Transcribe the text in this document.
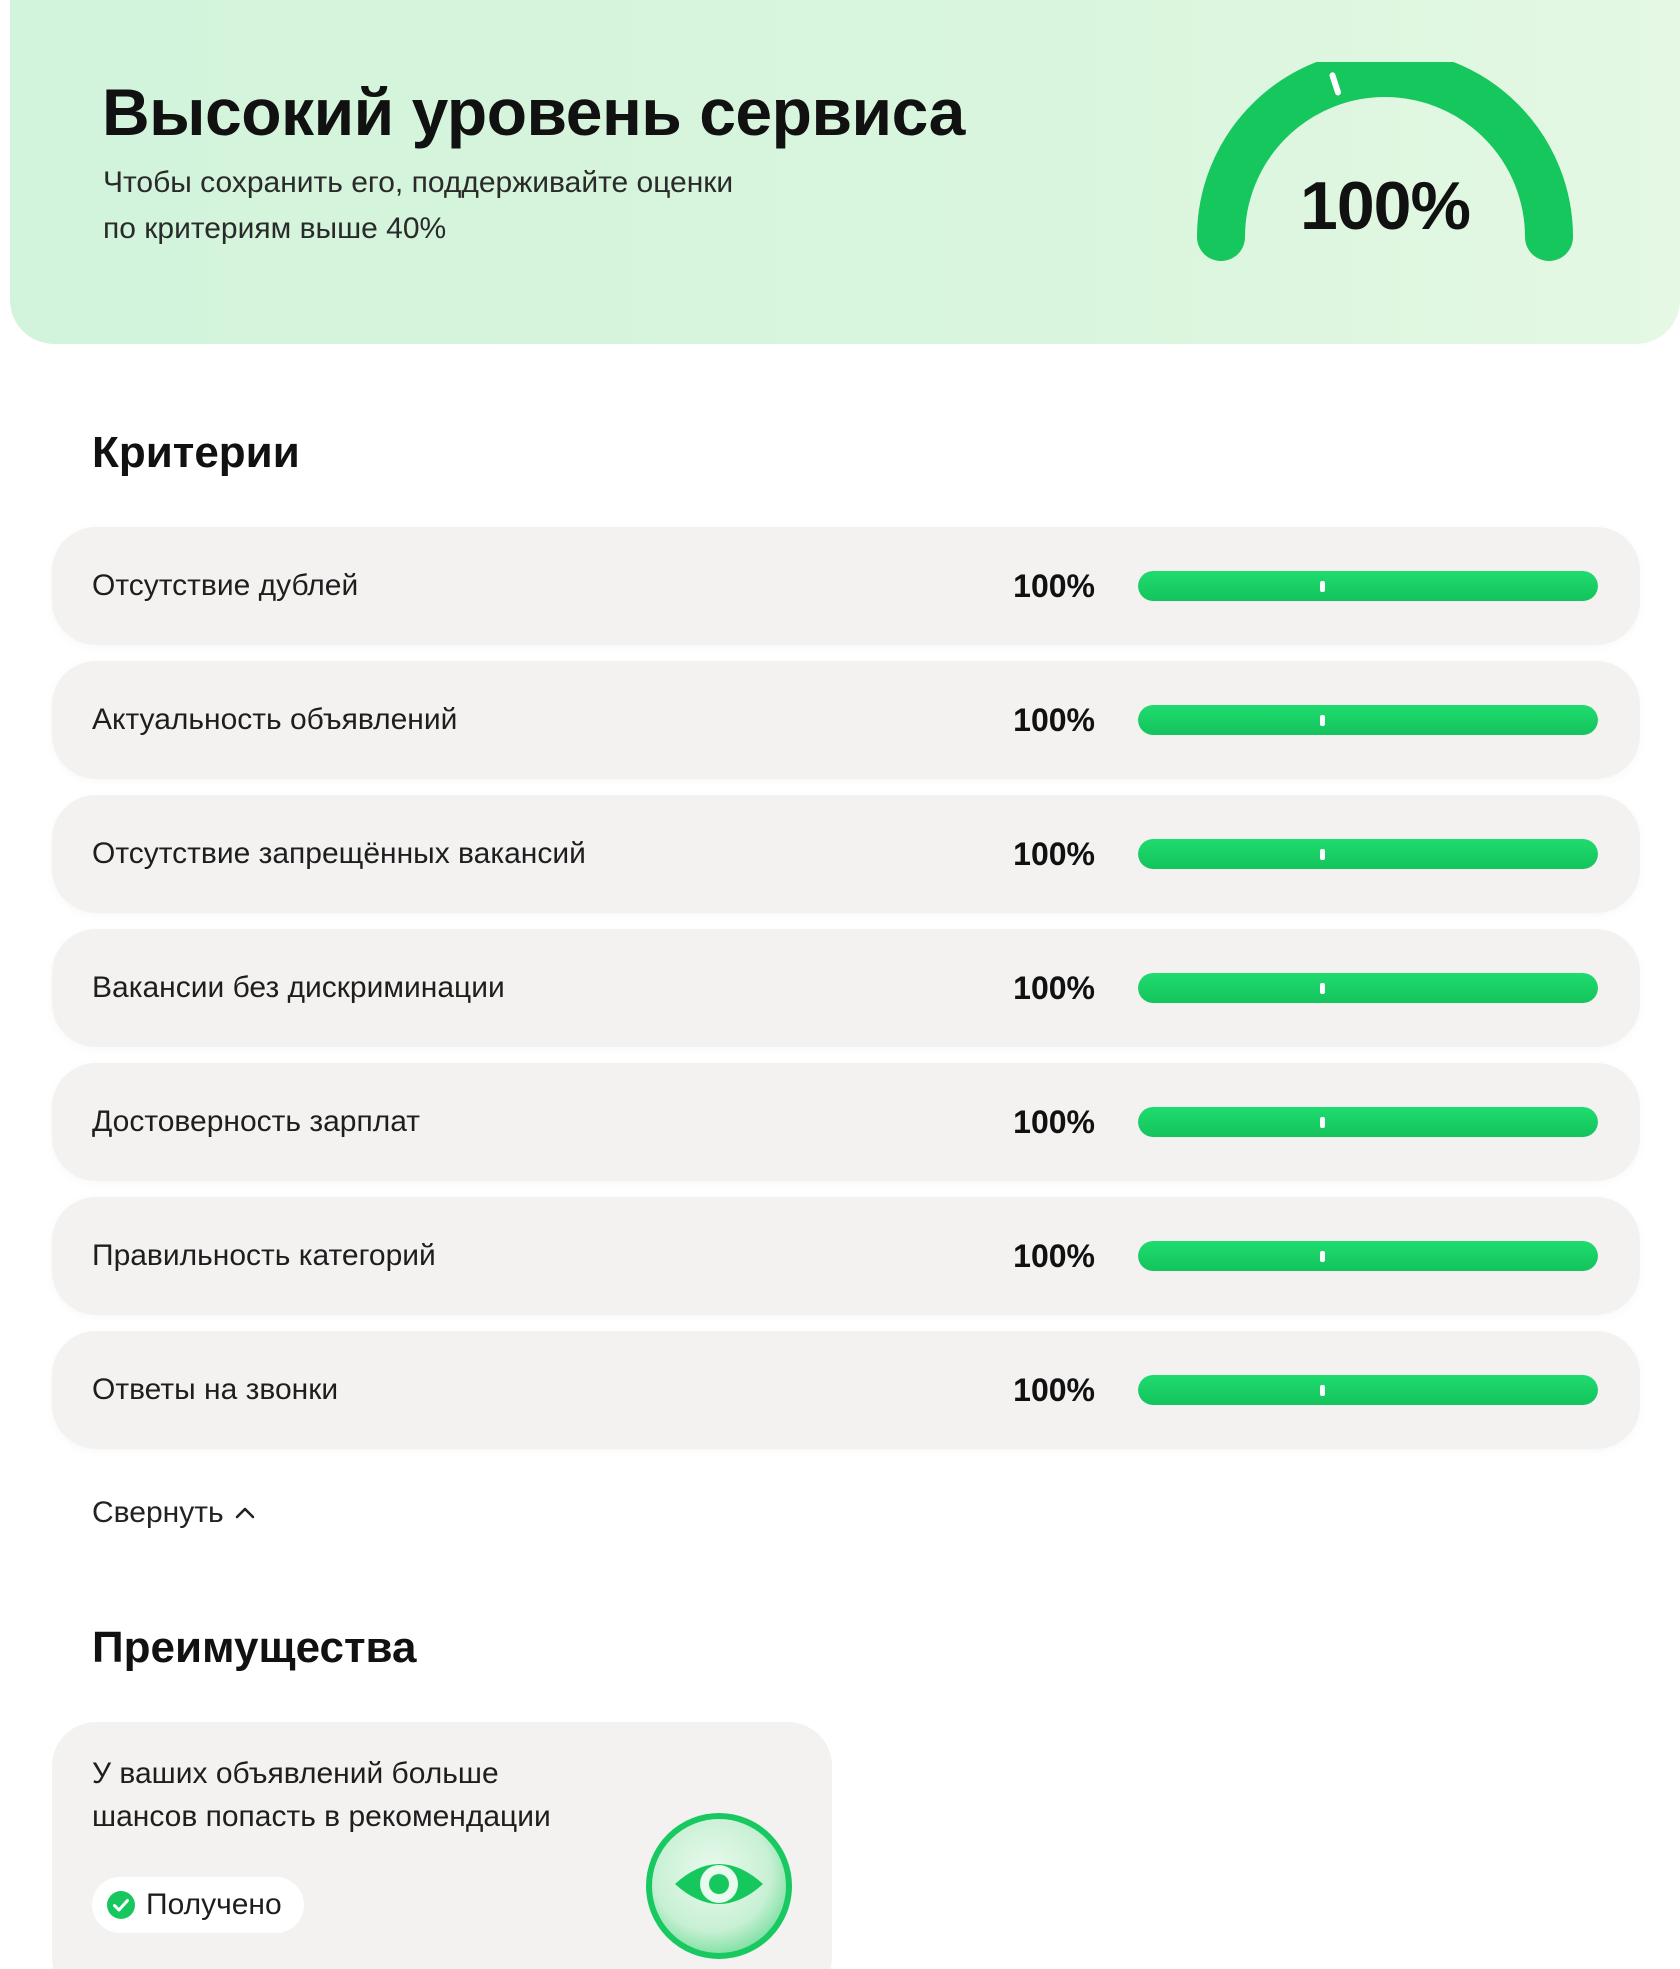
Высокий уровень сервиса
Чтобы сохранить его, поддерживайте оценки
по критериям выше 40%	100%
Критерии
Отсутствие дублей	100%
Актуальность объявлений	100%
Отсутствие запрещённых вакансий	100%
Вакансии без дискриминации	100%
Достоверность зарплат	100%
Правильность категорий	100%
Ответы на звонки	100%
Свернуть
Преимущества
У ваших объявлений больше
шансов попасть в рекомендации
Получено
